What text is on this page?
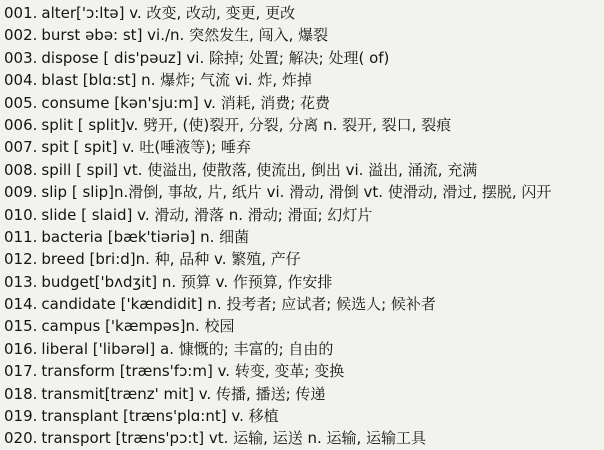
001. alter['ɔ:ltə] v. 改变, 改动, 变更, 更改
002. burst əbə: st] vi./n. 突然发生, 闯入, 爆裂
003. dispose [ dis'pəuz] vi. 除掉; 处置; 解决; 处理( of)
004. blast [blɑ:st] n. 爆炸; 气流 vi. 炸, 炸掉
005. consume [kən'sju:m] v. 消耗, 消费; 花费
006. split [ split]v. 劈开, (使)裂开, 分裂, 分离 n. 裂开, 裂口, 裂痕
007. spit [ spit] v. 吐(唾液等); 唾弃
008. spill [ spil] vt. 使溢出, 使散落, 使流出, 倒出 vi. 溢出, 涌流, 充满
009. slip [ slip]n.滑倒, 事故, 片, 纸片 vi. 滑动, 滑倒 vt. 使滑动, 滑过, 摆脱, 闪开
010. slide [ slaid] v. 滑动, 滑落 n. 滑动; 滑面; 幻灯片
011. bacteria [bæk'tiəriə] n. 细菌
012. breed [bri:d]n. 种, 品种 v. 繁殖, 产仔
013. budget['bʌdʒit] n. 预算 v. 作预算, 作安排
014. candidate ['kændidit] n. 投考者; 应试者; 候选人; 候补者
015. campus ['kæmpəs]n. 校园
016. liberal ['libərəl] a. 慷慨的; 丰富的; 自由的
017. transform [træns'fɔ:m] v. 转变, 变革; 变换
018. transmit[trænz' mit] v. 传播, 播送; 传递
019. transplant [træns'plɑ:nt] v. 移植
020. transport [træns'pɔ:t] vt. 运输, 运送 n. 运输, 运输工具
